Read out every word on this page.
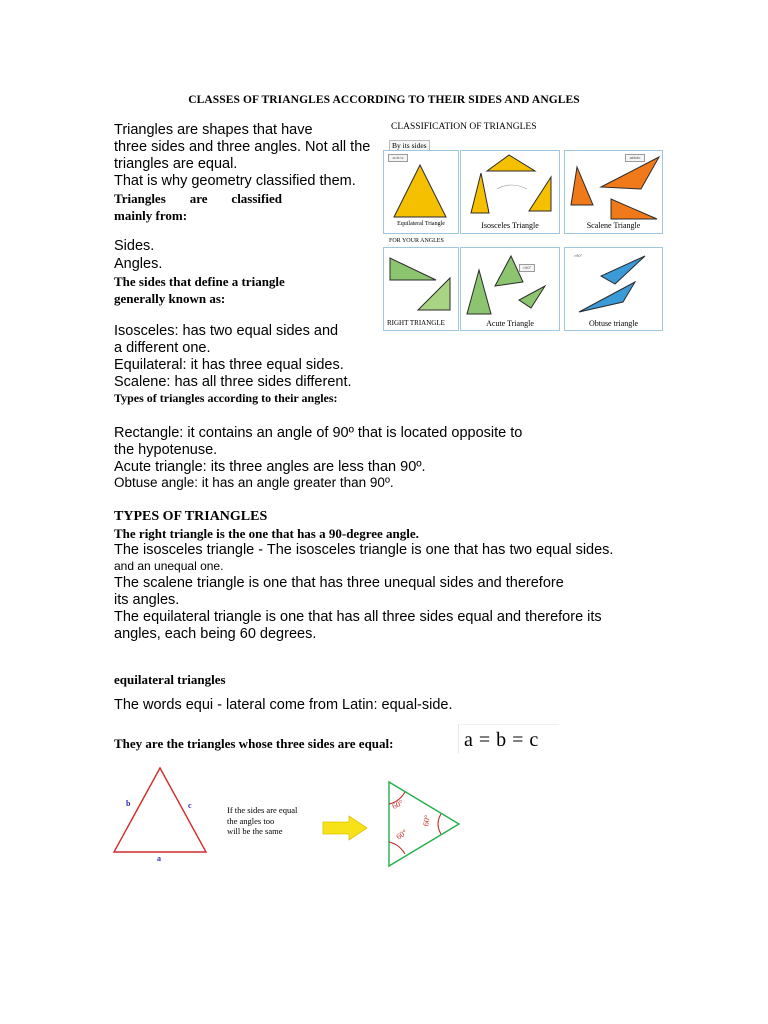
CLASSES OF TRIANGLES ACCORDING TO THEIR SIDES AND ANGLES
Triangles are shapes that have
three sides and three angles. Not all the
triangles are equal.
That is why geometry classified them.
Triangles are classified
mainly from:
Sides.
Angles.
The sides that define a triangle
generally known as:
Isosceles: has two equal sides and
a different one.
Equilateral: it has three equal sides.
Scalene: has all three sides different.
Types of triangles according to their angles:
Rectangle: it contains an angle of 90º that is located opposite to
the hypotenuse.
Acute triangle: its three angles are less than 90º.
Obtuse angle: it has an angle greater than 90º.
TYPES OF TRIANGLES
The right triangle is the one that has a 90-degree angle.
The isosceles triangle - The isosceles triangle is one that has two equal sides.
and an unequal one.
The scalene triangle is one that has three unequal sides and therefore
its angles.
The equilateral triangle is one that has all three sides equal and therefore its
angles, each being 60 degrees.
equilateral triangles
The words equi - lateral come from Latin: equal-side.
They are the triangles whose three sides are equal:	a = b = c
CLASSIFICATION OF TRIANGLES
By its sides
a=b=c
Equilateral Triangle	Isosceles Triangle
a≠b≠c
Scalene Triangle
FOR YOUR ANGLES
RIGHT TRIANGLE
<90°
Acute Triangle
>90°
Obtuse triangle
b	c
a
If the sides are equal
the angles too
will be the same
60°
60°
60°
